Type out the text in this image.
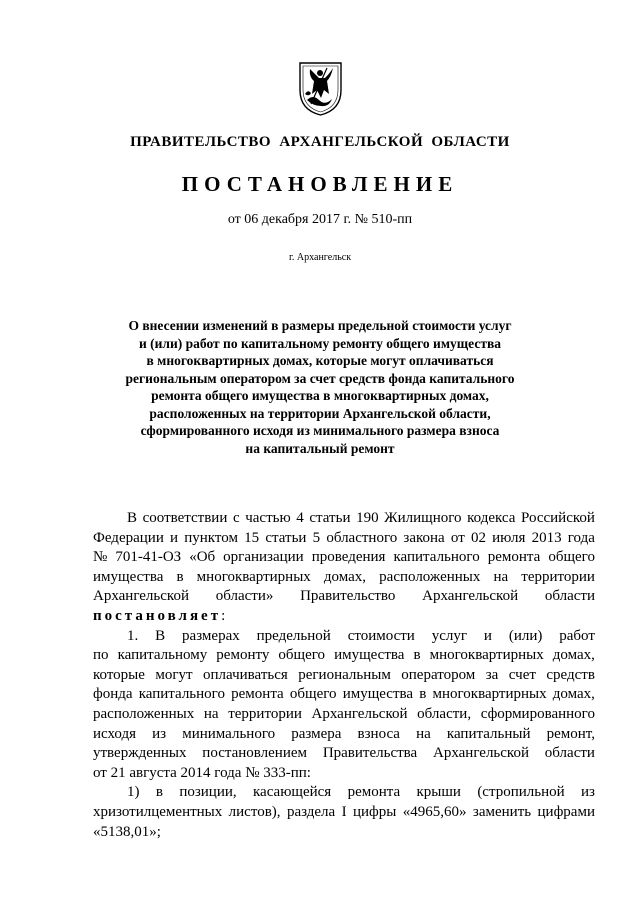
ПРАВИТЕЛЬСТВО АРХАНГЕЛЬСКОЙ ОБЛАСТИ
ПОСТАНОВЛЕНИЕ
от 06 декабря 2017 г. № 510-пп
г. Архангельск
О внесении изменений в размеры предельной стоимости услуг
и (или) работ по капитальному ремонту общего имущества
в многоквартирных домах, которые могут оплачиваться
региональным оператором за счет средств фонда капитального
ремонта общего имущества в многоквартирных домах,
расположенных на территории Архангельской области,
сформированного исходя из минимального размера взноса
на капитальный ремонт

В соответствии с частью 4 статьи 190 Жилищного кодекса Российской
Федерации и пунктом 15 статьи 5 областного закона от 02 июля 2013 года
№ 701-41-ОЗ «Об организации проведения капитального ремонта общего
имущества в многоквартирных домах, расположенных на территории
Архангельской области» Правительство Архангельской области
постановляет:

1. В размерах предельной стоимости услуг и (или) работ
по капитальному ремонту общего имущества в многоквартирных домах,
которые могут оплачиваться региональным оператором за счет средств
фонда капитального ремонта общего имущества в многоквартирных домах,
расположенных на территории Архангельской области, сформированного
исходя из минимального размера взноса на капитальный ремонт,
утвержденных постановлением Правительства Архангельской области
от 21 августа 2014 года № 333-пп:

1) в позиции, касающейся ремонта крыши (стропильной из
хризотилцементных листов), раздела I цифры «4965,60» заменить цифрами
«5138,01»;
